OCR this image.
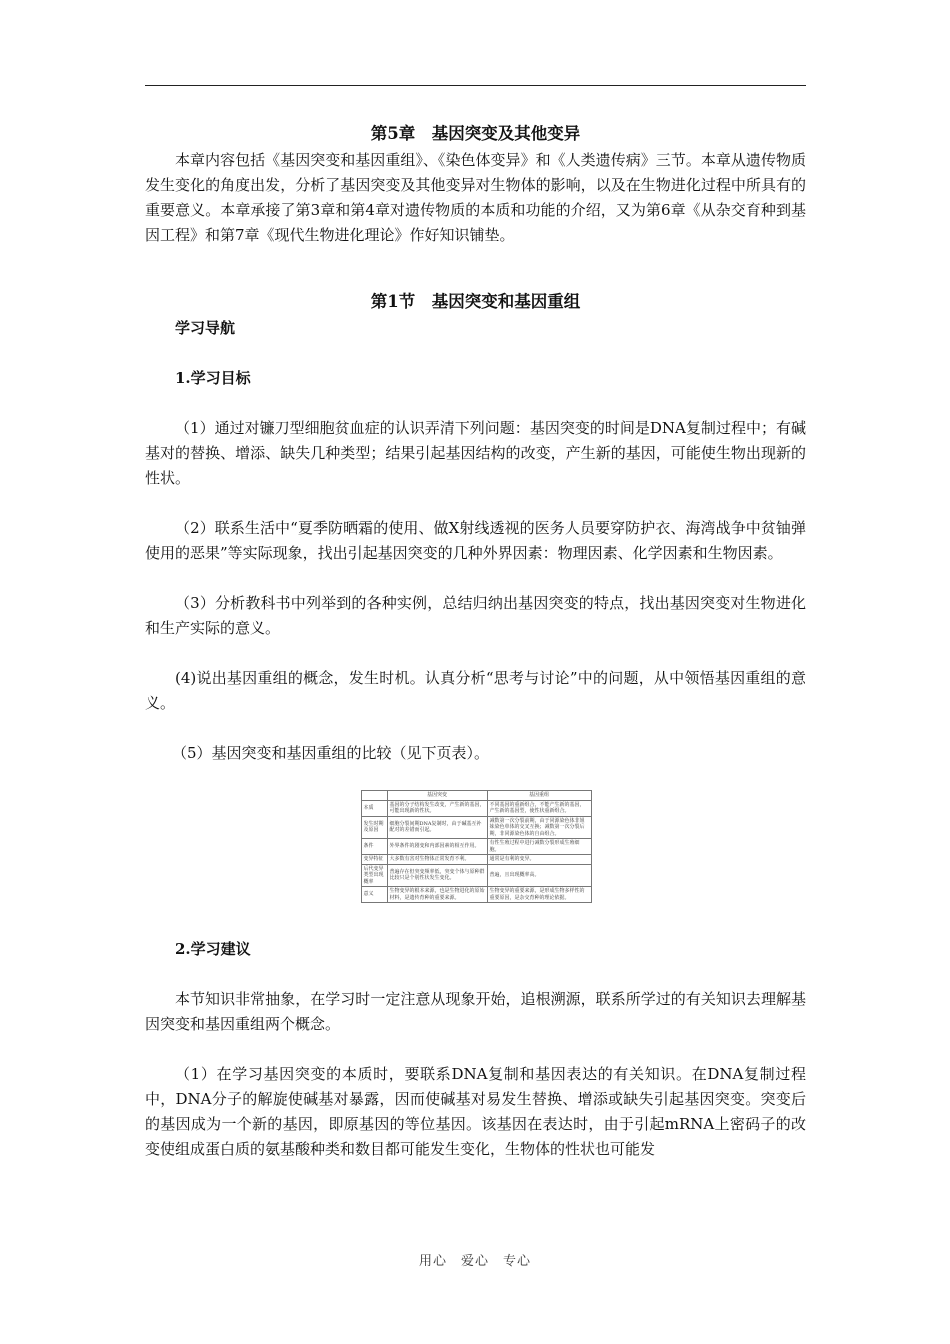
第5章　基因突变及其他变异

本章内容包括《基因突变和基因重组》、《染色体变异》和《人类遗传病》三节。本章从遗传物质发生变化的角度出发，分析了基因突变及其他变异对生物体的影响，以及在生物进化过程中所具有的重要意义。本章承接了第3章和第4章对遗传物质的本质和功能的介绍，又为第6章《从杂交育种到基因工程》和第7章《现代生物进化理论》作好知识铺垫。

第1节　基因突变和基因重组
学习导航
1.学习目标

（1）通过对镰刀型细胞贫血症的认识弄清下列问题：基因突变的时间是DNA复制过程中；有碱基对的替换、增添、缺失几种类型；结果引起基因结构的改变，产生新的基因，可能使生物出现新的性状。

（2）联系生活中“夏季防晒霜的使用、做X射线透视的医务人员要穿防护衣、海湾战争中贫铀弹使用的恶果”等实际现象，找出引起基因突变的几种外界因素：物理因素、化学因素和生物因素。

（3）分析教科书中列举到的各种实例，总结归纳出基因突变的特点，找出基因突变对生物进化和生产实际的意义。

(4)说出基因重组的概念，发生时机。认真分析“思考与讨论”中的问题，从中领悟基因重组的意义。

（5）基因突变和基因重组的比较（见下页表）。

	基因突变	基因重组
本质	基因的分子结构发生改变，产生新的基因，可能出现新的性状。	不同基因的重新组合，不能产生新的基因，产生新的基因型，使性状重新组合。
发生时期及原因	细胞分裂间期DNA复制时，由于碱基互补配对的差错而引起。	减数第一次分裂前期，由于同源染色体非姐妹染色单体的交叉互换；减数第一次分裂后期，非同源染色体的自由组合。
条件	外界条件的剧变和内部因素的相互作用。	有性生殖过程中进行减数分裂形成生殖细胞。
变异特征	大多数有害对生物体正常发育不利。	通常是有利的变异。
后代变异类型出现概率	普遍存在但突变频率低，突变个体与原种群比较只是个别性状发生变化。	普遍，且出现概率高。
意义	生物变异的根本来源，也是生物进化的原始材料，是遗传育种的重要来源。	生物变异的重要来源，是形成生物多样性的重要原因，是杂交育种的理论依据。
2.学习建议

本节知识非常抽象，在学习时一定注意从现象开始，追根溯源，联系所学过的有关知识去理解基因突变和基因重组两个概念。

（1）在学习基因突变的本质时，要联系DNA复制和基因表达的有关知识。在DNA复制过程中，DNA分子的解旋使碱基对暴露，因而使碱基对易发生替换、增添或缺失引起基因突变。突变后的基因成为一个新的基因，即原基因的等位基因。该基因在表达时，由于引起mRNA上密码子的改变使组成蛋白质的氨基酸种类和数目都可能发生变化，生物体的性状也可能发

用心　爱心　专心
